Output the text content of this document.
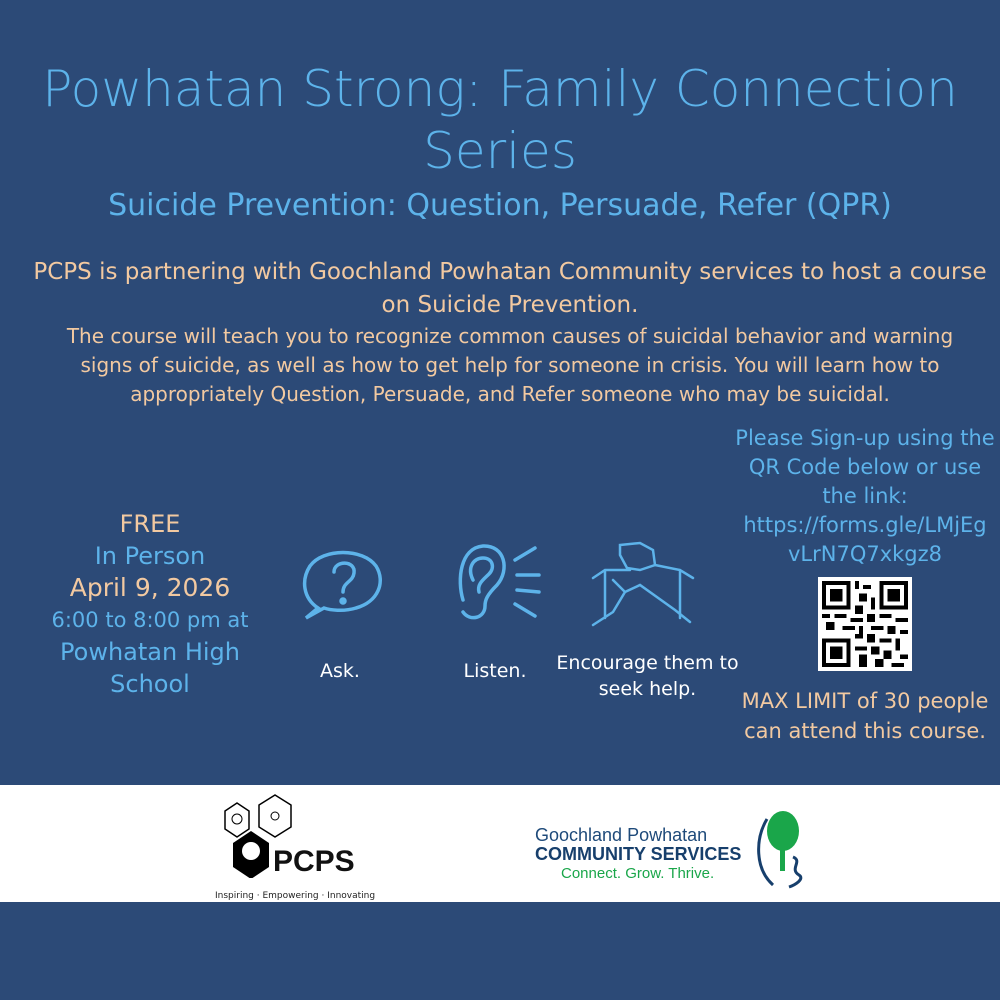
Powhatan Strong: Family Connection Series
Suicide Prevention: Question, Persuade, Refer (QPR)
PCPS is partnering with Goochland Powhatan Community services to host a course on Suicide Prevention.
The course will teach you to recognize common causes of suicidal behavior and warning signs of suicide, as well as how to get help for someone in crisis. You will learn how to appropriately Question, Persuade, and Refer someone who may be suicidal.
FREE
In Person
April 9, 2026
6:00 to 8:00 pm at
Powhatan High School	Ask.	Listen.	Encourage them to seek help.
Please Sign-up using the QR Code below or use the link:
https://forms.gle/LMjEgvLrN7Q7xkgz8
MAX LIMIT of 30 people can attend this course.
PCPS
Inspiring · Empowering · Innovating
Goochland Powhatan
COMMUNITY SERVICES
Connect. Grow. Thrive.
